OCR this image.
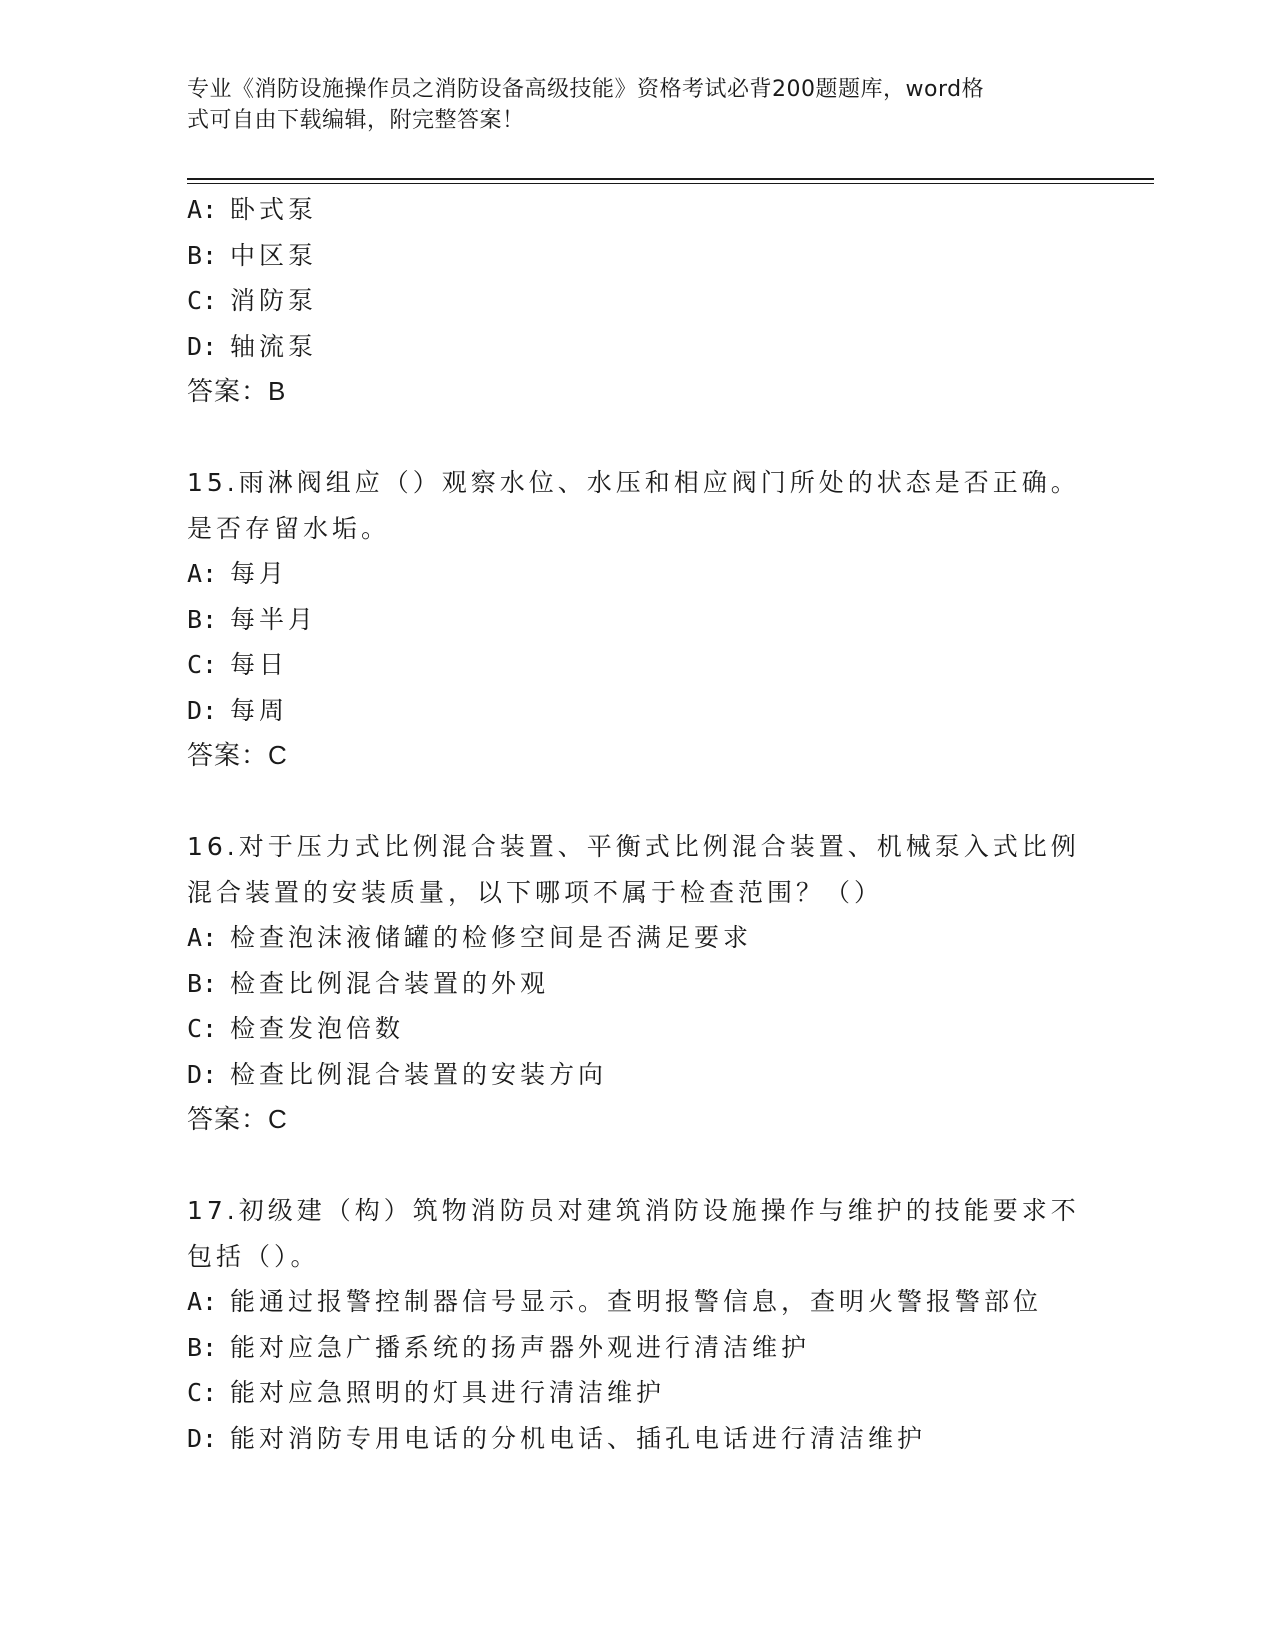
专业《消防设施操作员之消防设备高级技能》资格考试必背200题题库，word格
式可自由下载编辑，附完整答案！
A: 卧式泵
B: 中区泵
C: 消防泵
D: 轴流泵
答案：B
15.雨淋阀组应（）观察水位、水压和相应阀门所处的状态是否正确。
是否存留水垢。
A: 每月
B: 每半月
C: 每日
D: 每周
答案：C
16.对于压力式比例混合装置、平衡式比例混合装置、机械泵入式比例
混合装置的安装质量，以下哪项不属于检查范围？（）
A: 检查泡沫液储罐的检修空间是否满足要求
B: 检查比例混合装置的外观
C: 检查发泡倍数
D: 检查比例混合装置的安装方向
答案：C
17.初级建（构）筑物消防员对建筑消防设施操作与维护的技能要求不
包括（）。
A: 能通过报警控制器信号显示。查明报警信息，查明火警报警部位
B: 能对应急广播系统的扬声器外观进行清洁维护
C: 能对应急照明的灯具进行清洁维护
D: 能对消防专用电话的分机电话、插孔电话进行清洁维护
